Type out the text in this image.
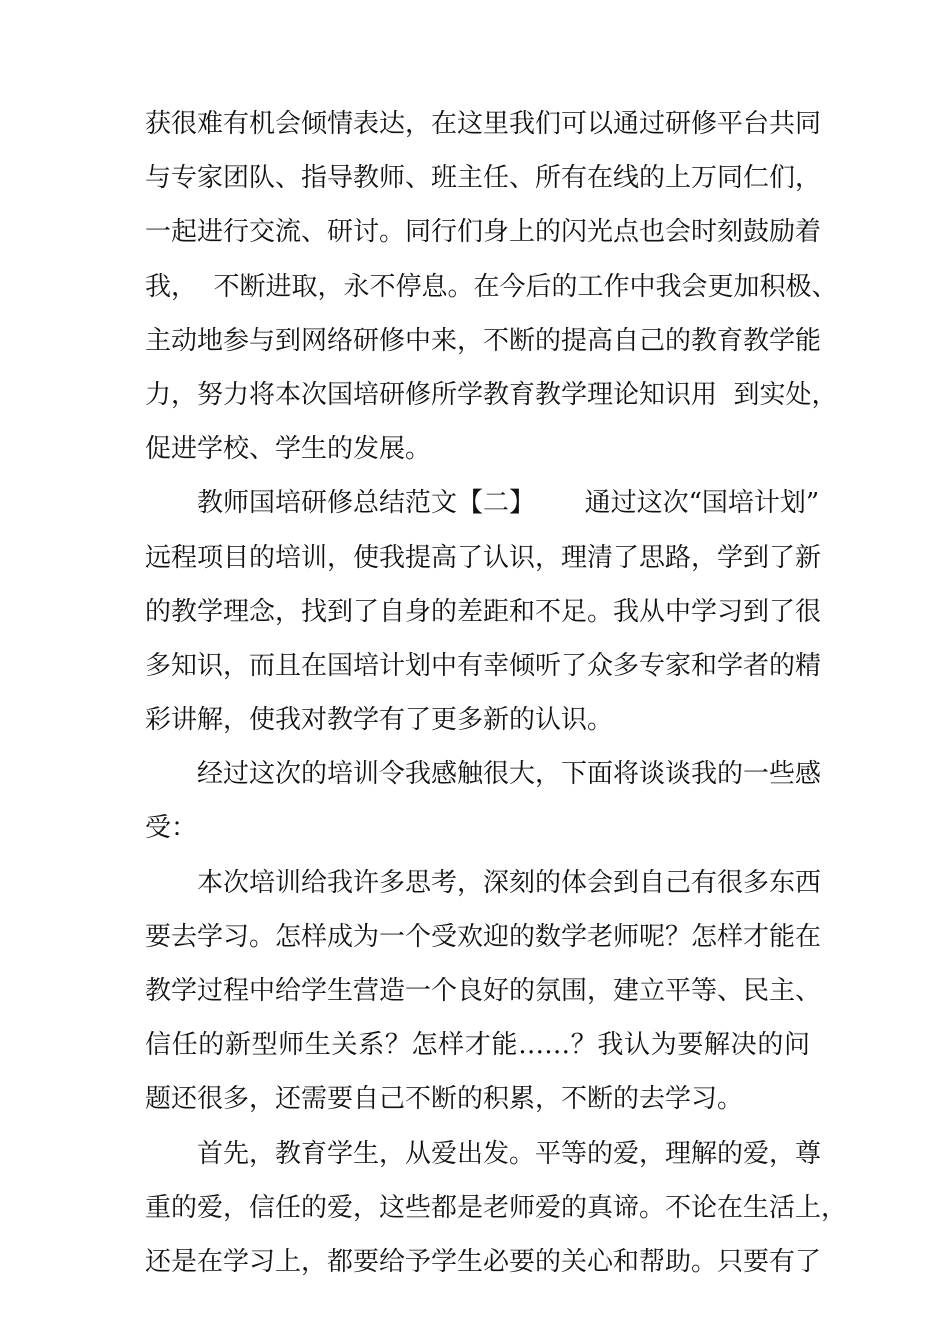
获很难有机会倾情表达，在这里我们可以通过研修平台共同
与专家团队、指导教师、班主任、所有在线的上万同仁们，
一起进行交流、研讨。同行们身上的闪光点也会时刻鼓励着
我，  不断进取，永不停息。在今后的工作中我会更加积极、
主动地参与到网络研修中来，不断的提高自己的教育教学能
力，努力将本次国培研修所学教育教学理论知识用  到实处，
促进学校、学生的发展。
教师国培研修总结范文【二】      通过这次“国培计划”
远程项目的培训，使我提高了认识，理清了思路，学到了新
的教学理念，找到了自身的差距和不足。我从中学习到了很
多知识，而且在国培计划中有幸倾听了众多专家和学者的精
彩讲解，使我对教学有了更多新的认识。
经过这次的培训令我感触很大，下面将谈谈我的一些感
受：
本次培训给我许多思考，深刻的体会到自己有很多东西
要去学习。怎样成为一个受欢迎的数学老师呢？怎样才能在
教学过程中给学生营造一个良好的氛围，建立平等、民主、
信任的新型师生关系？怎样才能……？我认为要解决的问
题还很多，还需要自己不断的积累，不断的去学习。
首先，教育学生，从爱出发。平等的爱，理解的爱，尊
重的爱，信任的爱，这些都是老师爱的真谛。不论在生活上，
还是在学习上，都要给予学生必要的关心和帮助。只要有了
